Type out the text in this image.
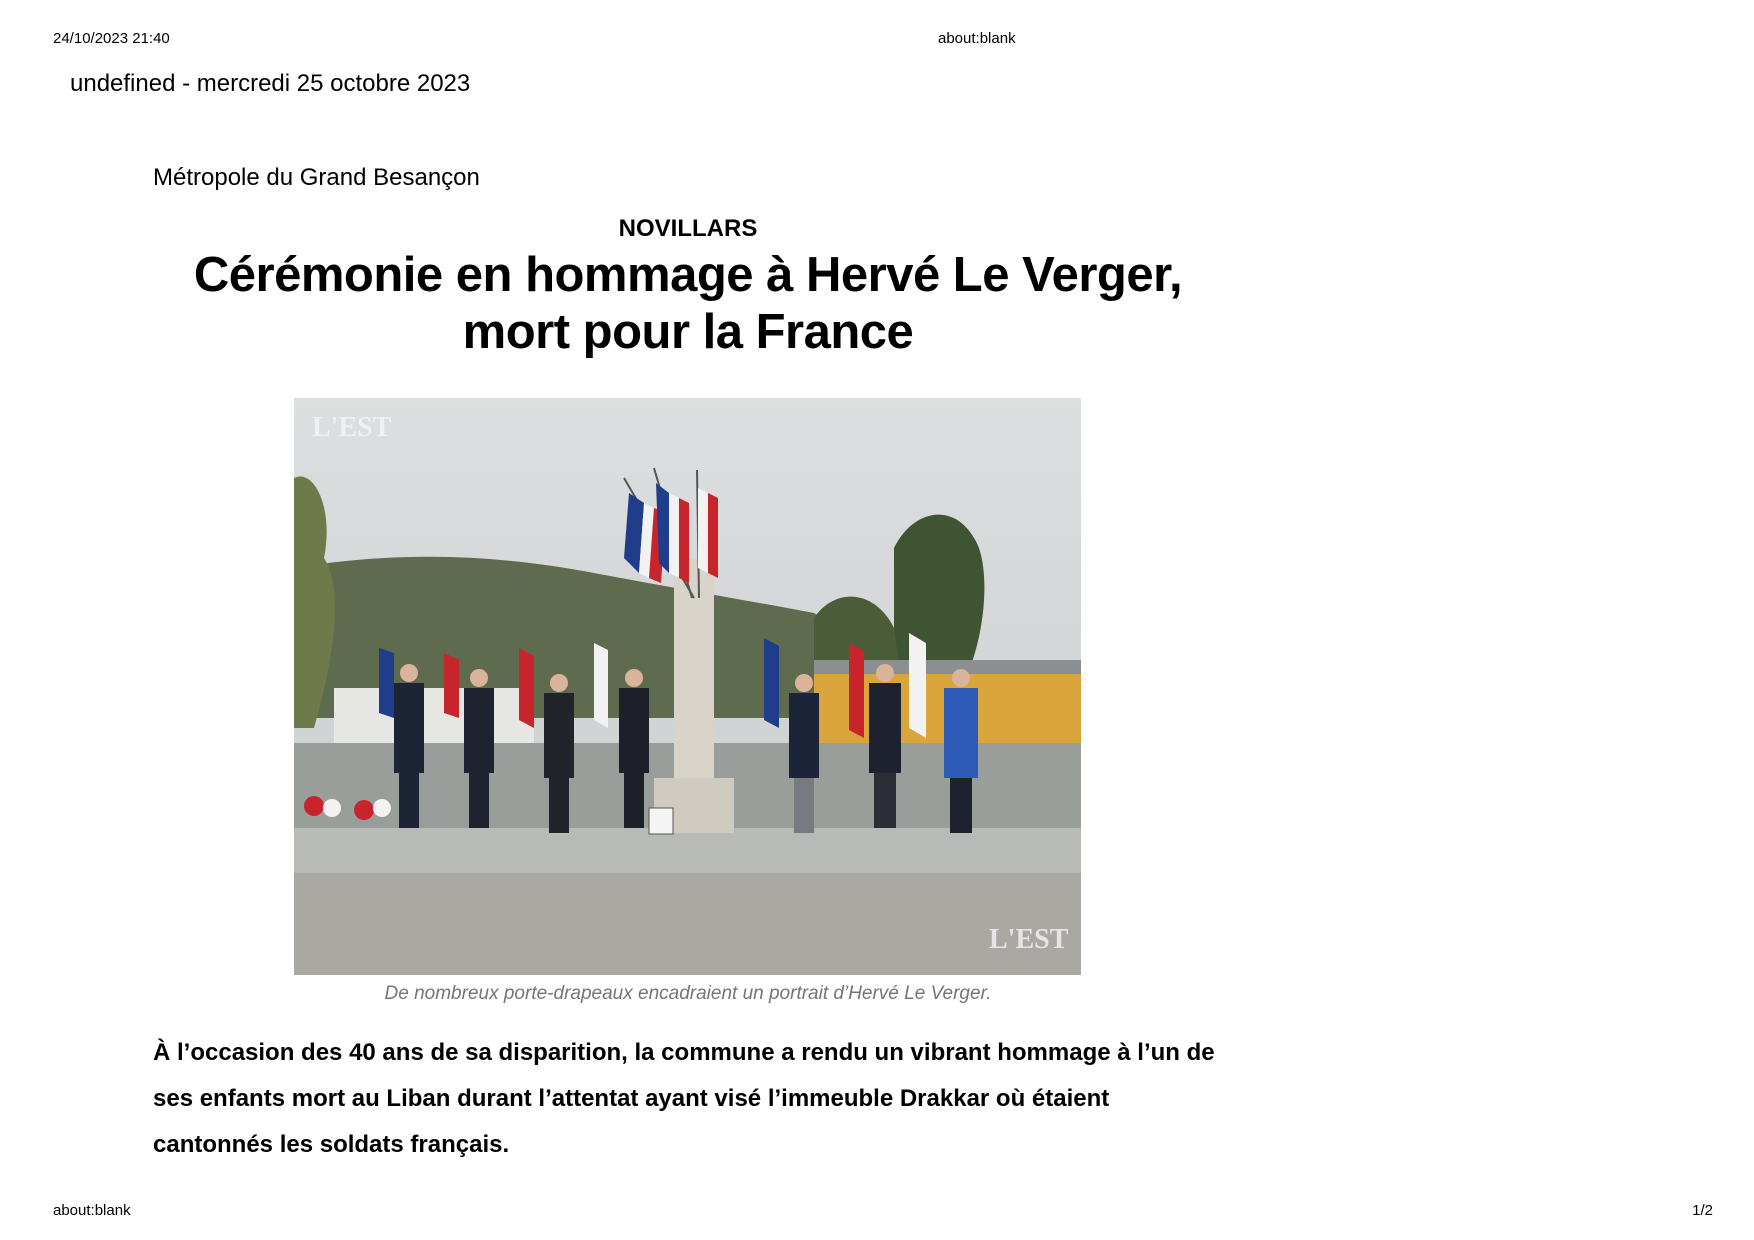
24/10/2023 21:40	about:blank
undefined - mercredi 25 octobre 2023
Métropole du Grand Besançon

NOVILLARS

Cérémonie en hommage à Hervé Le Verger,
mort pour la France
L'EST
L'EST
De nombreux porte-drapeaux encadraient un portrait d’Hervé Le Verger.

À l’occasion des 40 ans de sa disparition, la commune a rendu un vibrant hommage à l’un de ses enfants mort au Liban durant l’attentat ayant visé l’immeuble Drakkar où étaient cantonnés les soldats français.

about:blank	1/2
